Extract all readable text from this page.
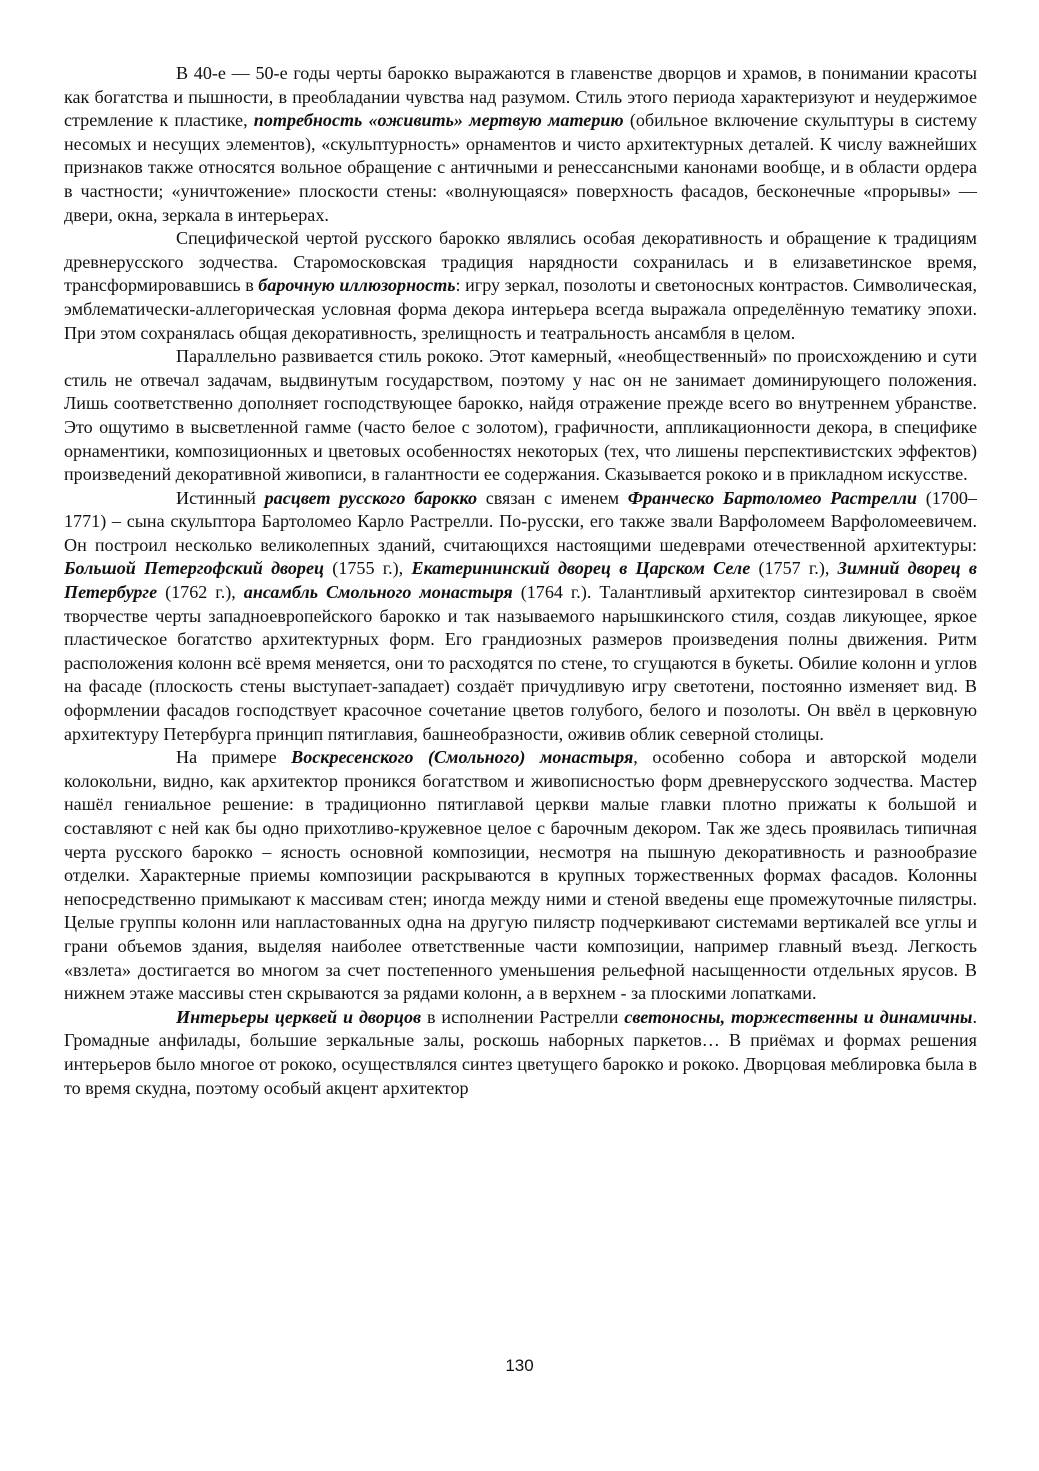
В 40-е — 50-е годы черты барокко выражаются в главенстве дворцов и храмов, в понимании красоты как богатства и пышности, в преобладании чувства над разумом. Стиль этого периода характеризуют и неудержимое стремление к пластике, потребность «оживить» мертвую материю (обильное включение скульптуры в систему несомых и несущих элементов), «скульптурность» орнаментов и чисто архитектурных деталей. К числу важнейших признаков также относятся вольное обращение с античными и ренессансными канонами вообще, и в области ордера в частности; «уничтожение» плоскости стены: «волнующаяся» поверхность фасадов, бесконечные «прорывы» — двери, окна, зеркала в интерьерах.

Специфической чертой русского барокко являлись особая декоративность и обращение к традициям древнерусского зодчества. Старомосковская традиция нарядности сохранилась и в елизаветинское время, трансформировавшись в барочную иллюзорность: игру зеркал, позолоты и светоносных контрастов. Символическая, эмблематически-аллегорическая условная форма декора интерьера всегда выражала определённую тематику эпохи. При этом сохранялась общая декоративность, зрелищность и театральность ансамбля в целом.

Параллельно развивается стиль рококо. Этот камерный, «необщественный» по происхождению и сути стиль не отвечал задачам, выдвинутым государством, поэтому у нас он не занимает доминирующего положения. Лишь соответственно дополняет господствующее барокко, найдя отражение прежде всего во внутреннем убранстве. Это ощутимо в высветленной гамме (часто белое с золотом), графичности, аппликационности декора, в специфике орнаментики, композиционных и цветовых особенностях некоторых (тех, что лишены перспективистских эффектов) произведений декоративной живописи, в галантности ее содержания. Сказывается рококо и в прикладном искусстве.

Истинный расцвет русского барокко связан с именем Франческо Бартоломео Растрелли (1700–1771) – сына скульптора Бартоломео Карло Растрелли. По-русски, его также звали Варфоломеем Варфоломеевичем. Он построил несколько великолепных зданий, считающихся настоящими шедеврами отечественной архитектуры: Большой Петергофский дворец (1755 г.), Екатерининский дворец в Царском Селе (1757 г.), Зимний дворец в Петербурге (1762 г.), ансамбль Смольного монастыря (1764 г.). Талантливый архитектор синтезировал в своём творчестве черты западноевропейского барокко и так называемого нарышкинского стиля, создав ликующее, яркое пластическое богатство архитектурных форм. Его грандиозных размеров произведения полны движения. Ритм расположения колонн всё время меняется, они то расходятся по стене, то сгущаются в букеты. Обилие колонн и углов на фасаде (плоскость стены выступает-западает) создаёт причудливую игру светотени, постоянно изменяет вид. В оформлении фасадов господствует красочное сочетание цветов голубого, белого и позолоты. Он ввёл в церковную архитектуру Петербурга принцип пятиглавия, башнеобразности, оживив облик северной столицы.

На примере Воскресенского (Смольного) монастыря, особенно собора и авторской модели колокольни, видно, как архитектор проникся богатством и живописностью форм древнерусского зодчества. Мастер нашёл гениальное решение: в традиционно пятиглавой церкви малые главки плотно прижаты к большой и составляют с ней как бы одно прихотливо-кружевное целое с барочным декором. Так же здесь проявилась типичная черта русского барокко – ясность основной композиции, несмотря на пышную декоративность и разнообразие отделки. Характерные приемы композиции раскрываются в крупных торжественных формах фасадов. Колонны непосредственно примыкают к массивам стен; иногда между ними и стеной введены еще промежуточные пилястры. Целые группы колонн или напластованных одна на другую пилястр подчеркивают системами вертикалей все углы и грани объемов здания, выделяя наиболее ответственные части композиции, например главный въезд. Легкость «взлета» достигается во многом за счет постепенного уменьшения рельефной насыщенности отдельных ярусов. В нижнем этаже массивы стен скрываются за рядами колонн, а в верхнем - за плоскими лопатками.

Интерьеры церквей и дворцов в исполнении Растрелли светоносны, торжественны и динамичны. Громадные анфилады, большие зеркальные залы, роскошь наборных паркетов… В приёмах и формах решения интерьеров было многое от рококо, осуществлялся синтез цветущего барокко и рококо. Дворцовая меблировка была в то время скудна, поэтому особый акцент архитектор

130
